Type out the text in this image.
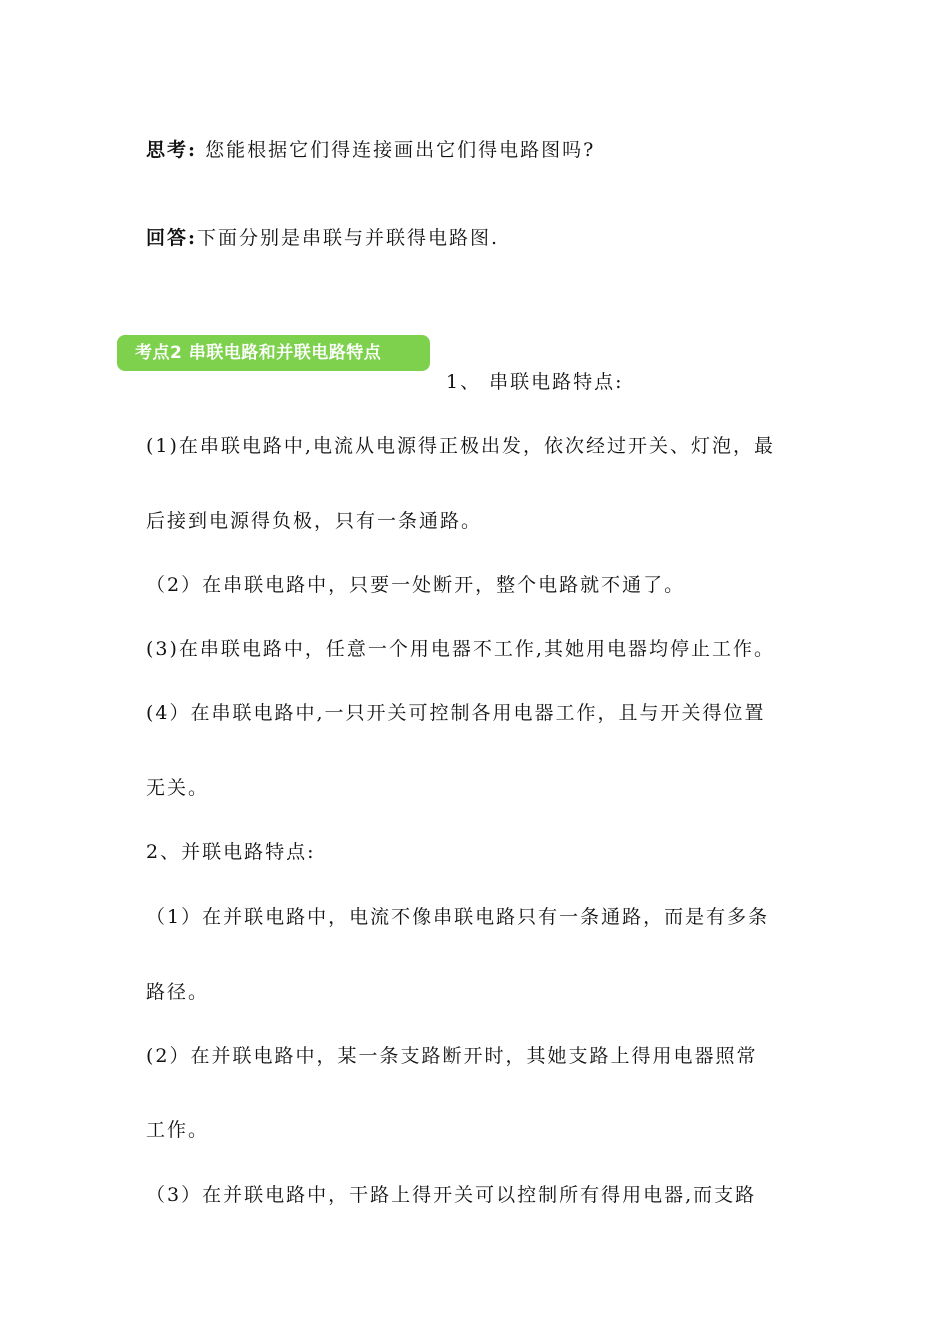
思考: 您能根据它们得连接画出它们得电路图吗?
回答:下面分别是串联与并联得电路图.
考点2 串联电路和并联电路特点
1、 串联电路特点:
(1)在串联电路中,电流从电源得正极出发，依次经过开关、灯泡，最
后接到电源得负极，只有一条通路。
（2）在串联电路中，只要一处断开，整个电路就不通了。
(3)在串联电路中，任意一个用电器不工作,其她用电器均停止工作。
(4）在串联电路中,一只开关可控制各用电器工作，且与开关得位置
无关。
2、并联电路特点:
（1）在并联电路中，电流不像串联电路只有一条通路，而是有多条
路径。
(2）在并联电路中，某一条支路断开时，其她支路上得用电器照常
工作。
（3）在并联电路中，干路上得开关可以控制所有得用电器,而支路
